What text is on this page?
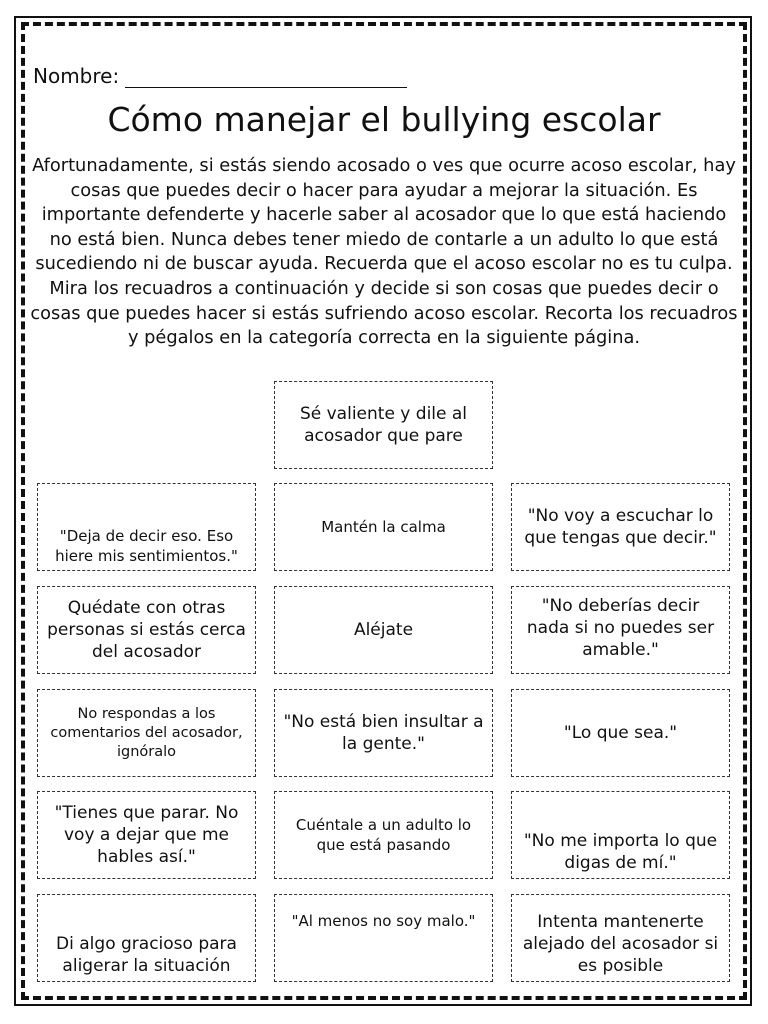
Nombre:
Cómo manejar el bullying escolar
Afortunadamente, si estás siendo acosado o ves que ocurre acoso escolar, hay cosas que puedes decir o hacer para ayudar a mejorar la situación. Es importante defenderte y hacerle saber al acosador que lo que está haciendo no está bien. Nunca debes tener miedo de contarle a un adulto lo que está sucediendo ni de buscar ayuda. Recuerda que el acoso escolar no es tu culpa. Mira los recuadros a continuación y decide si son cosas que puedes decir o cosas que puedes hacer si estás sufriendo acoso escolar. Recorta los recuadros y pégalos en la categoría correcta en la siguiente página.
Sé valiente y dile al acosador que pare
"Deja de decir eso. Eso hiere mis sentimientos."
Mantén la calma
"No voy a escuchar lo que tengas que decir."
Quédate con otras personas si estás cerca del acosador
Aléjate
"No deberías decir nada si no puedes ser amable."
No respondas a los comentarios del acosador, ignóralo
"No está bien insultar a la gente."
"Lo que sea."
"Tienes que parar. No voy a dejar que me hables así."
Cuéntale a un adulto lo que está pasando	"No me importa lo que digas de mí."
Di algo gracioso para aligerar la situación
"Al menos no soy malo."	Intenta mantenerte alejado del acosador si es posible
